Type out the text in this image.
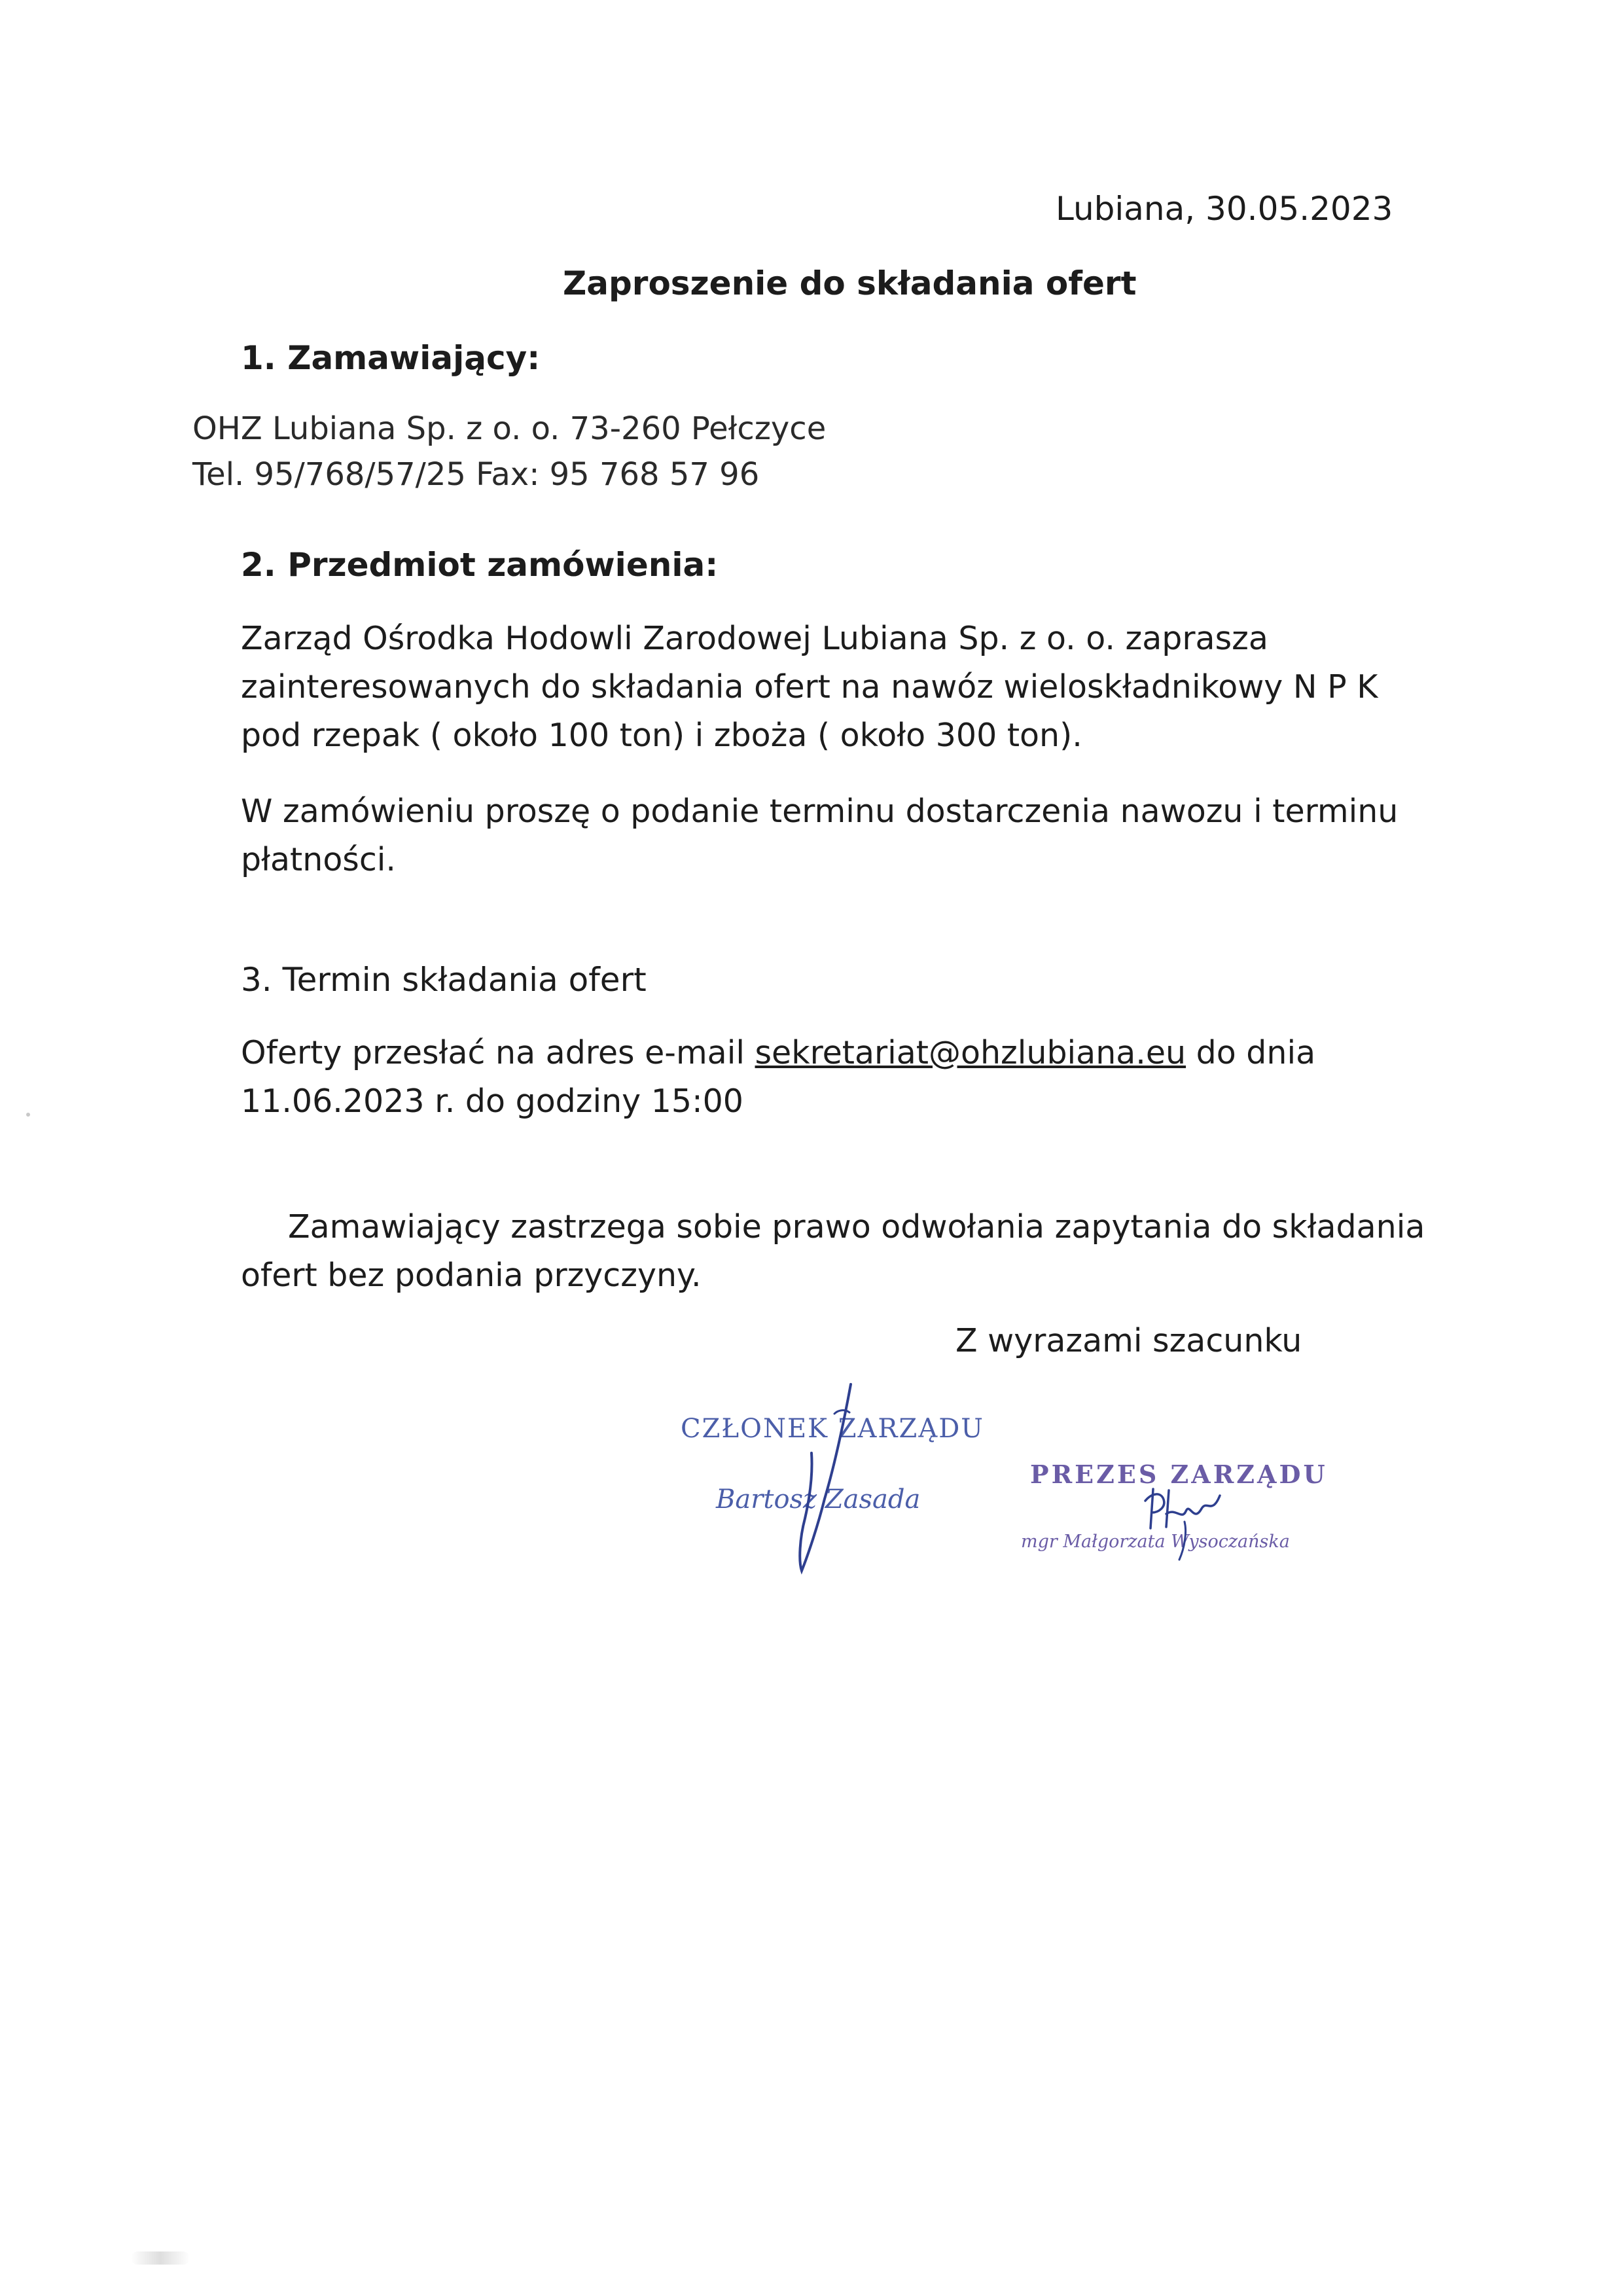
Lubiana, 30.05.2023
Zaproszenie do składania ofert
1. Zamawiający:
OHZ Lubiana Sp. z o. o. 73-260 Pełczyce
Tel. 95/768/57/25 Fax: 95 768 57 96
2. Przedmiot zamówienia:
Zarząd Ośrodka Hodowli Zarodowej Lubiana Sp. z o. o. zaprasza zainteresowanych do składania ofert na nawóz wieloskładnikowy N P K pod rzepak ( około 100 ton) i zboża ( około 300 ton).
W zamówieniu proszę o podanie terminu dostarczenia nawozu i terminu płatności.
3. Termin składania ofert
Oferty przesłać na adres e-mail sekretariat@ohzlubiana.eu do dnia 11.06.2023 r. do godziny 15:00
Zamawiający zastrzega sobie prawo odwołania zapytania do składania ofert bez podania przyczyny.
Z wyrazami szacunku
CZŁONEK ZARZĄDU
Bartosz Zasada
PREZES ZARZĄDU
mgr Małgorzata Wysoczańska
